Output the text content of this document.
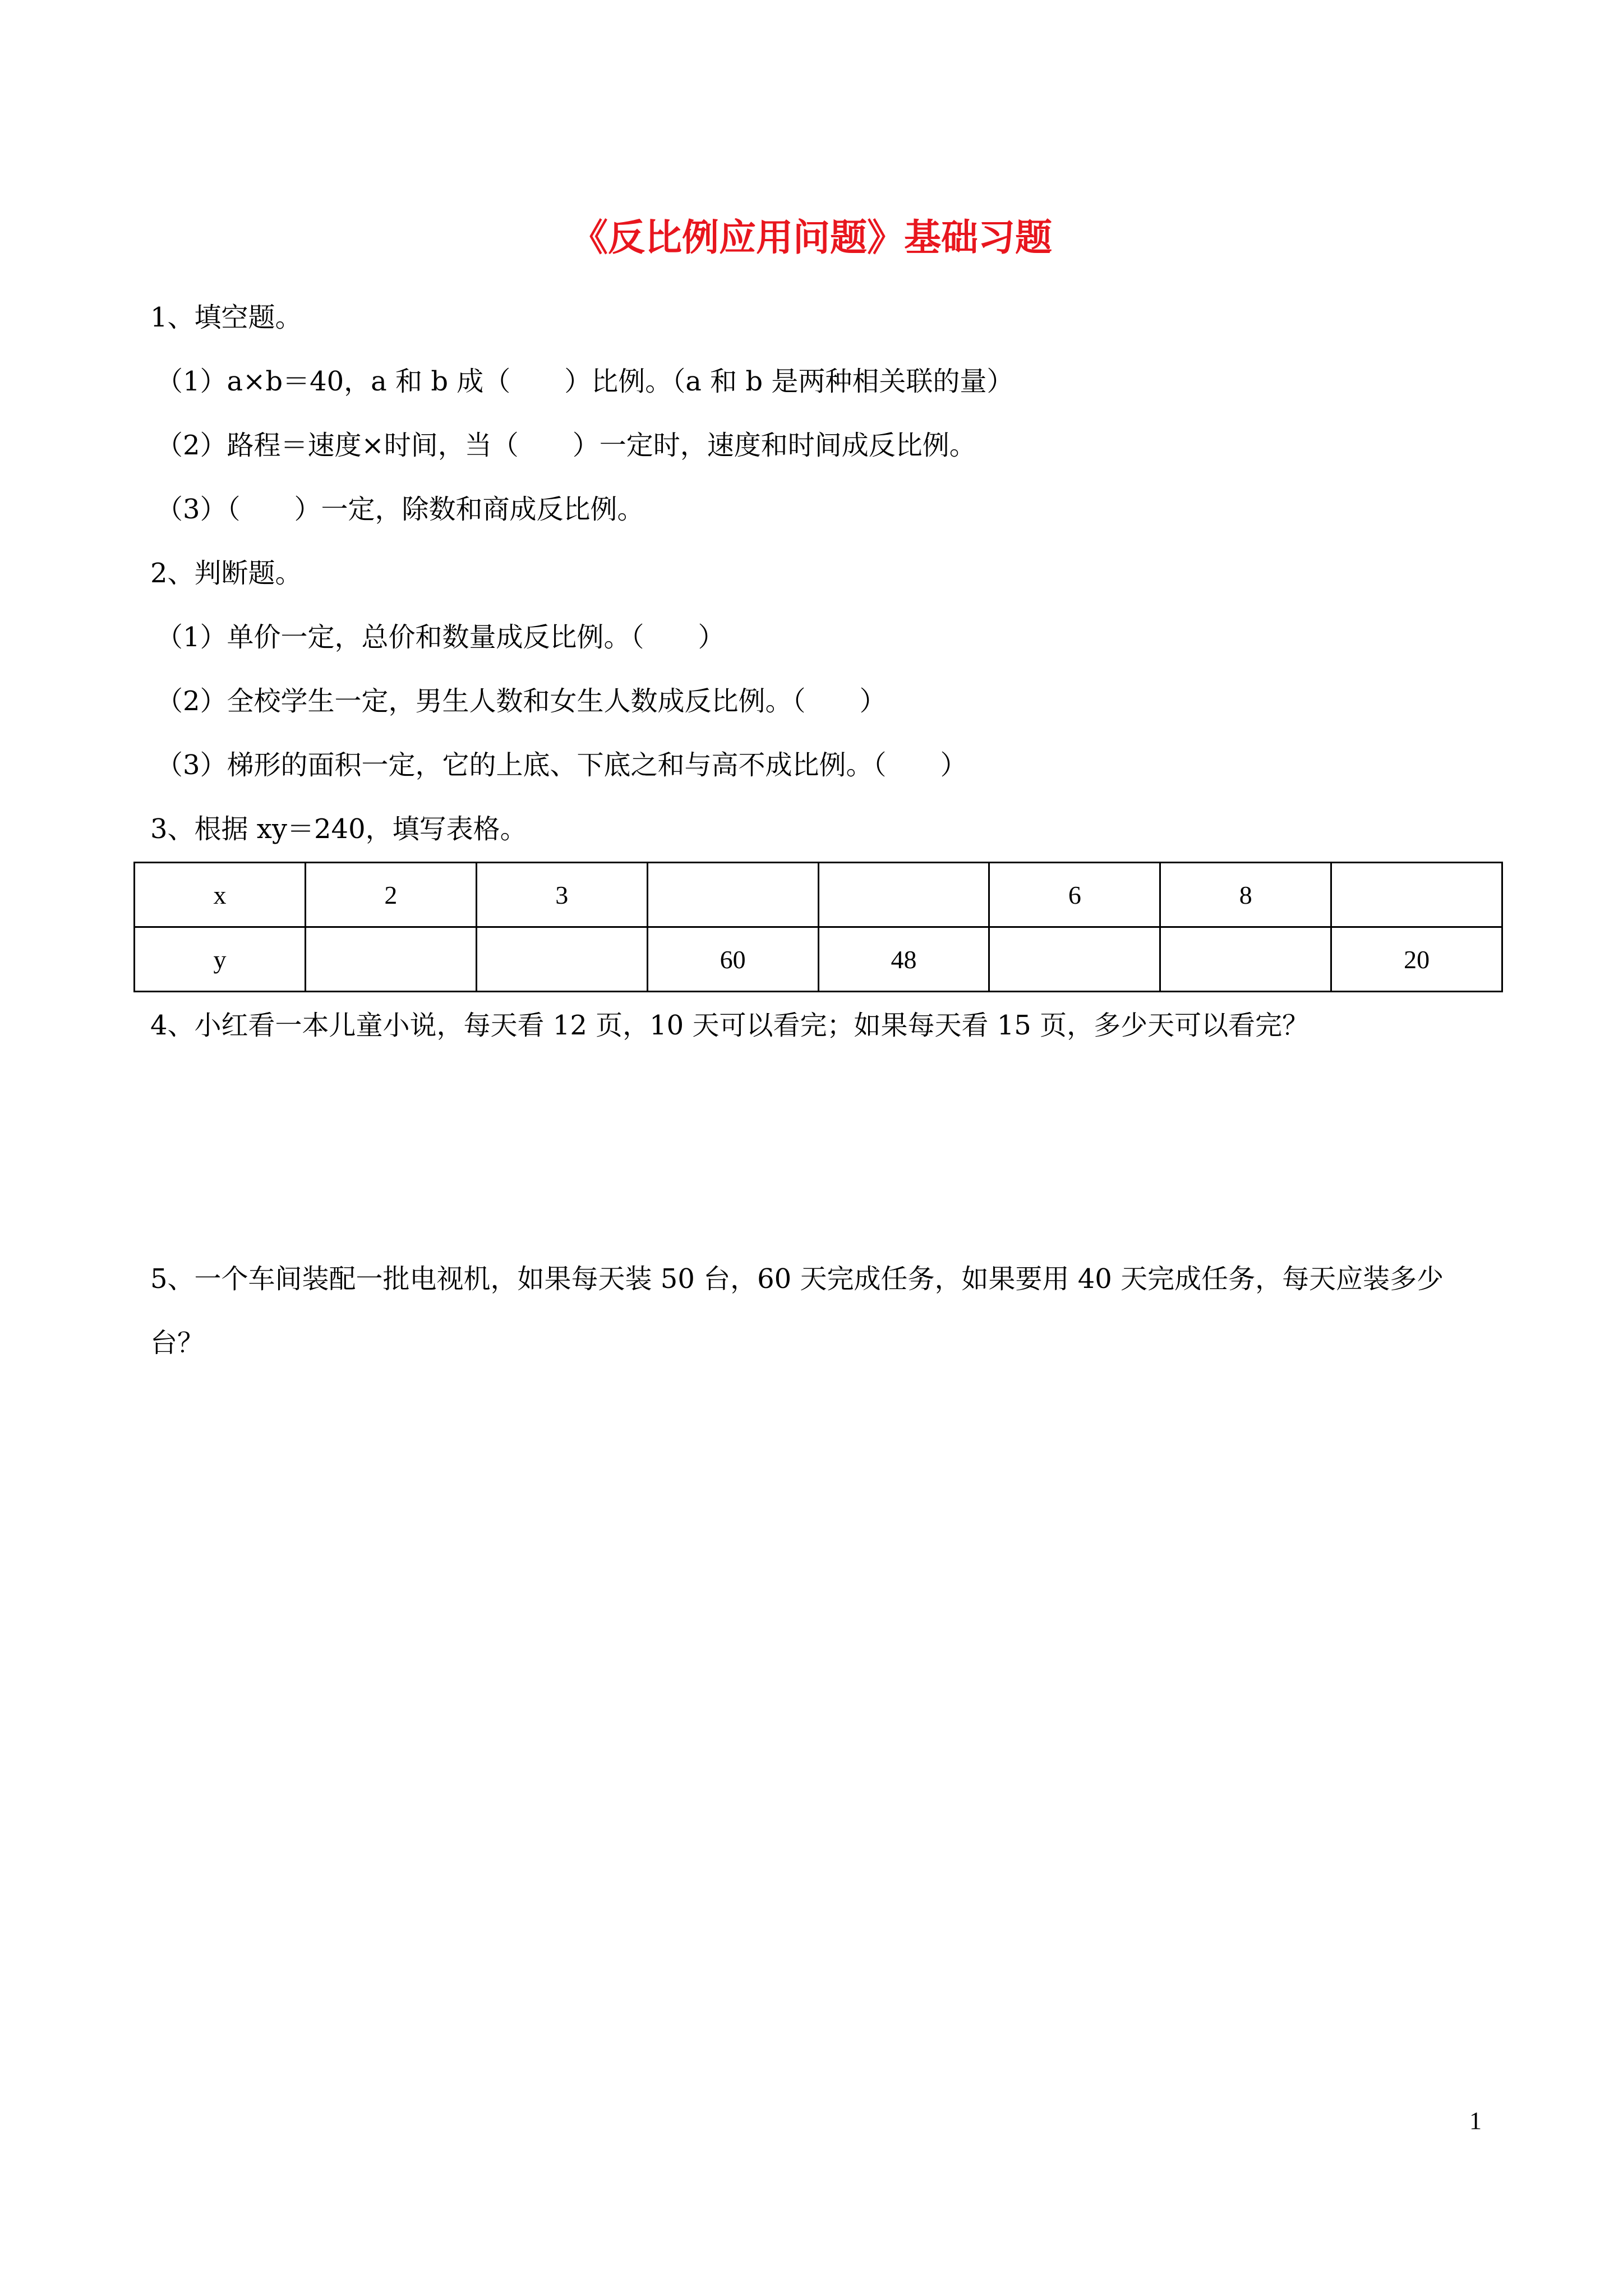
《反比例应用问题》基础习题
1、填空题。
（1）a×b＝40，a 和 b 成（　　）比例。（a 和 b 是两种相关联的量）
（2）路程＝速度×时间，当（　　）一定时，速度和时间成反比例。
（3）（　　）一定，除数和商成反比例。
2、判断题。
（1）单价一定，总价和数量成反比例。（　　）
（2）全校学生一定，男生人数和女生人数成反比例。（　　）
（3）梯形的面积一定，它的上底、下底之和与高不成比例。（　　）
3、根据 xy＝240，填写表格。
x	2	3			6	8	
y			60	48			20
4、小红看一本儿童小说，每天看 12 页，10 天可以看完；如果每天看 15 页，多少天可以看完？
5、一个车间装配一批电视机，如果每天装 50 台，60 天完成任务，如果要用 40 天完成任务，每天应装多少
台？
1
